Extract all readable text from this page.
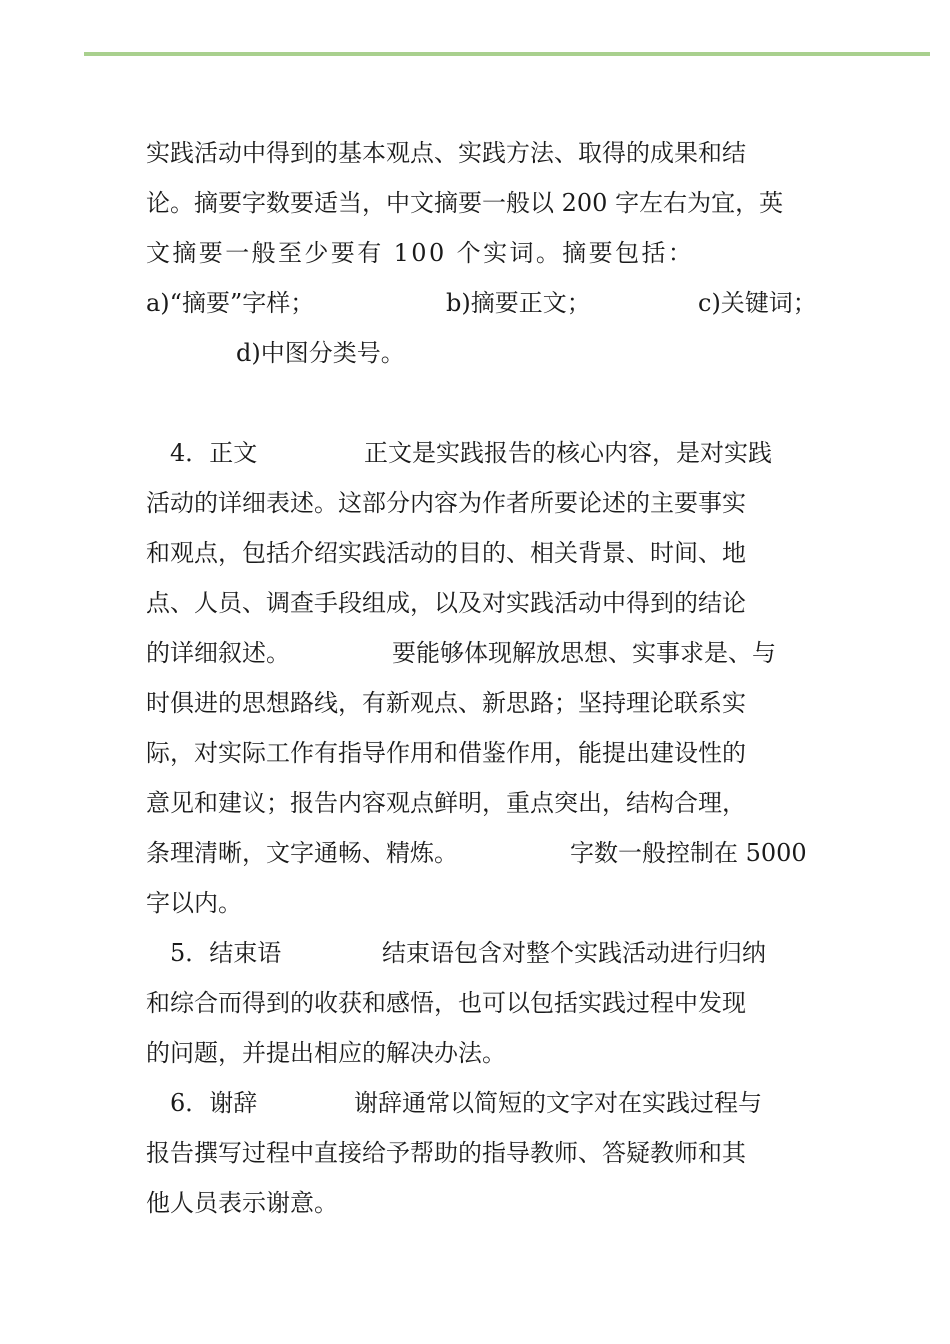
实践活动中得到的基本观点、实践方法、取得的成果和结
论。摘要字数要适当，中文摘要一般以 200 字左右为宜，英
文摘要一般至少要有 100 个实词。摘要包括：
a)“摘要”字样；	b)摘要正文；	c)关键词；
d)中图分类号。
4．正文	正文是实践报告的核心内容，是对实践
活动的详细表述。这部分内容为作者所要论述的主要事实
和观点，包括介绍实践活动的目的、相关背景、时间、地
点、人员、调查手段组成，以及对实践活动中得到的结论
的详细叙述。	要能够体现解放思想、实事求是、与
时俱进的思想路线，有新观点、新思路；坚持理论联系实
际，对实际工作有指导作用和借鉴作用，能提出建设性的
意见和建议；报告内容观点鲜明，重点突出，结构合理，
条理清晰，文字通畅、精炼。	字数一般控制在 5000
字以内。
5．结束语	结束语包含对整个实践活动进行归纳
和综合而得到的收获和感悟，也可以包括实践过程中发现
的问题，并提出相应的解决办法。
6．谢辞	谢辞通常以简短的文字对在实践过程与
报告撰写过程中直接给予帮助的指导教师、答疑教师和其
他人员表示谢意。
